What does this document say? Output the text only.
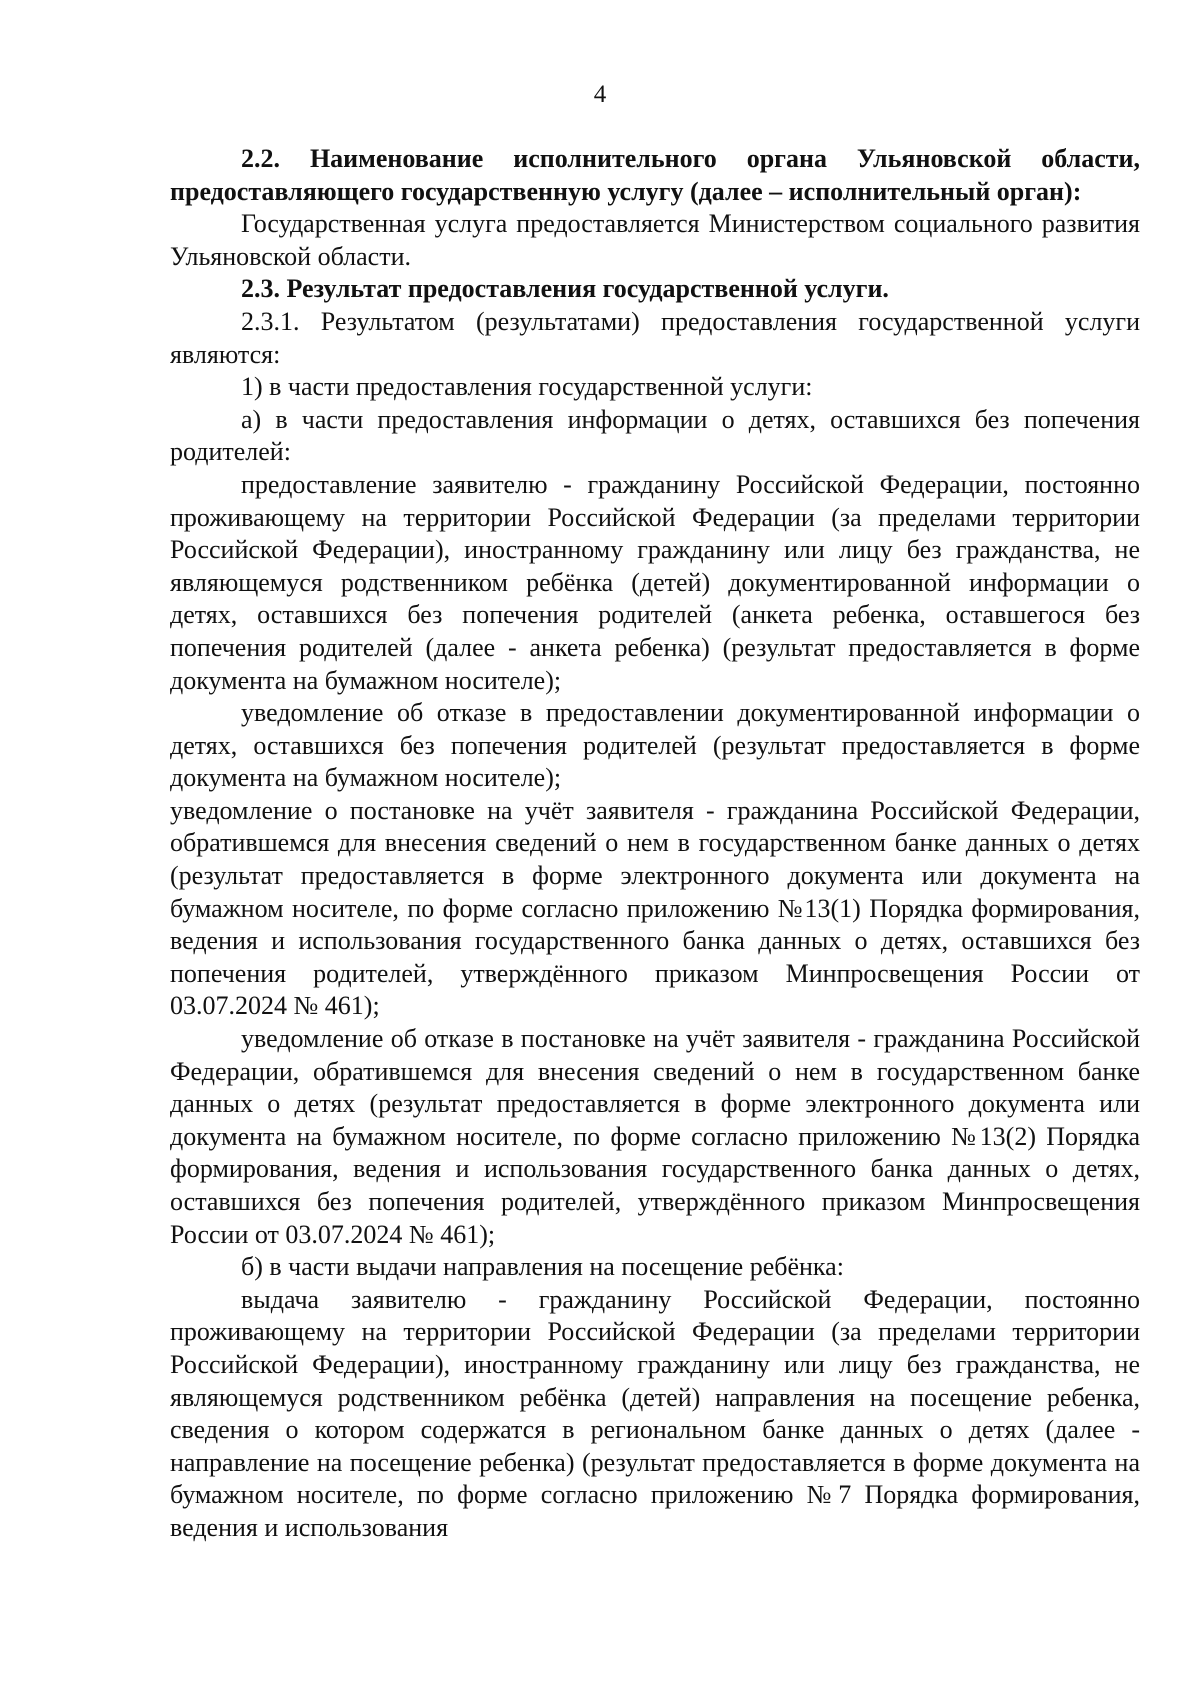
4

2.2. Наименование исполнительного органа Ульяновской области, предоставляющего государственную услугу (далее – исполнительный орган):

Государственная услуга предоставляется Министерством социального развития Ульяновской области.

2.3. Результат предоставления государственной услуги.

2.3.1. Результатом (результатами) предоставления государственной услуги являются:

1) в части предоставления государственной услуги:

а) в части предоставления информации о детях, оставшихся без попечения родителей:

предоставление заявителю - гражданину Российской Федерации, постоянно проживающему на территории Российской Федерации (за пределами территории Российской Федерации), иностранному гражданину или лицу без гражданства, не являющемуся родственником ребёнка (детей) документированной информации о детях, оставшихся без попечения родителей (анкета ребенка, оставшегося без попечения родителей (далее - анкета ребенка) (результат предоставляется в форме документа на бумажном носителе);

уведомление об отказе в предоставлении документированной информации о детях, оставшихся без попечения родителей (результат предоставляется в форме документа на бумажном носителе);

уведомление о постановке на учёт заявителя - гражданина Российской Федерации, обратившемся для внесения сведений о нем в государственном банке данных о детях (результат предоставляется в форме электронного документа или документа на бумажном носителе, по форме согласно приложению №13(1) Порядка формирования, ведения и использования государственного банка данных о детях, оставшихся без попечения родителей, утверждённого приказом Минпросвещения России от 03.07.2024 № 461);

уведомление об отказе в постановке на учёт заявителя - гражданина Российской Федерации, обратившемся для внесения сведений о нем в государственном банке данных о детях (результат предоставляется в форме электронного документа или документа на бумажном носителе, по форме согласно приложению №13(2) Порядка формирования, ведения и использования государственного банка данных о детях, оставшихся без попечения родителей, утверждённого приказом Минпросвещения России от 03.07.2024 № 461);

б) в части выдачи направления на посещение ребёнка:

выдача заявителю - гражданину Российской Федерации, постоянно проживающему на территории Российской Федерации (за пределами территории Российской Федерации), иностранному гражданину или лицу без гражданства, не являющемуся родственником ребёнка (детей) направления на посещение ребенка, сведения о котором содержатся в региональном банке данных о детях (далее - направление на посещение ребенка) (результат предоставляется в форме документа на бумажном носителе, по форме согласно приложению №7 Порядка формирования, ведения и использования
